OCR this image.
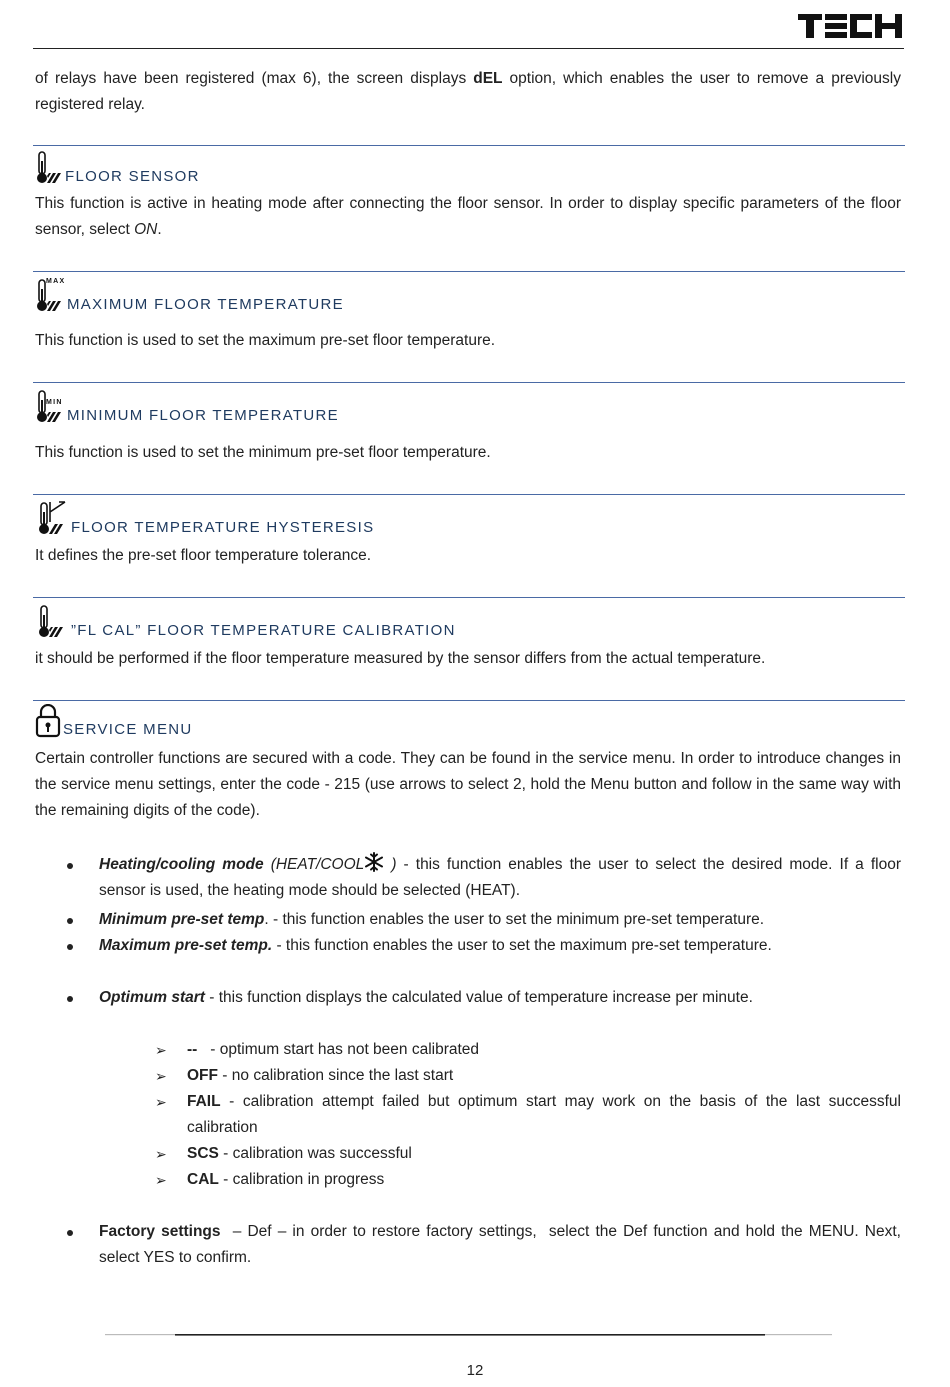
of relays have been registered (max 6), the screen displays dEL option, which enables the user to remove a previously registered relay.

FLOOR SENSOR

This function is active in heating mode after connecting the floor sensor. In order to display specific parameters of the floor sensor, select ON.

MAX
MAXIMUM FLOOR TEMPERATURE

This function is used to set the maximum pre-set floor temperature.

MIN
MINIMUM FLOOR TEMPERATURE

This function is used to set the minimum pre-set floor temperature.

FLOOR TEMPERATURE HYSTERESIS

It defines the pre-set floor temperature tolerance.

”FL CAL” FLOOR TEMPERATURE CALIBRATION

it should be performed if the floor temperature measured by the sensor differs from the actual temperature.

SERVICE MENU

Certain controller functions are secured with a code. They can be found in the service menu. In order to introduce changes in the service menu settings, enter the code - 215 (use arrows to select 2, hold the Menu button and follow in the same way with the remaining digits of the code).

Heating/cooling mode (HEAT/COOL ) - this function enables the user to select the desired mode. If a floor sensor is used, the heating mode should be selected (HEAT).
Minimum pre-set temp. - this function enables the user to set the minimum pre-set temperature.
Maximum pre-set temp. - this function enables the user to set the maximum pre-set temperature.
Optimum start - this function displays the calculated value of temperature increase per minute.
➢ --   - optimum start has not been calibrated
➢ OFF - no calibration since the last start
➢ FAIL - calibration attempt failed but optimum start may work on the basis of the last successful calibration
➢ SCS - calibration was successful
➢ CAL - calibration in progress
Factory settings  – Def – in order to restore factory settings,  select the Def function and hold the MENU. Next, select YES to confirm.
12
